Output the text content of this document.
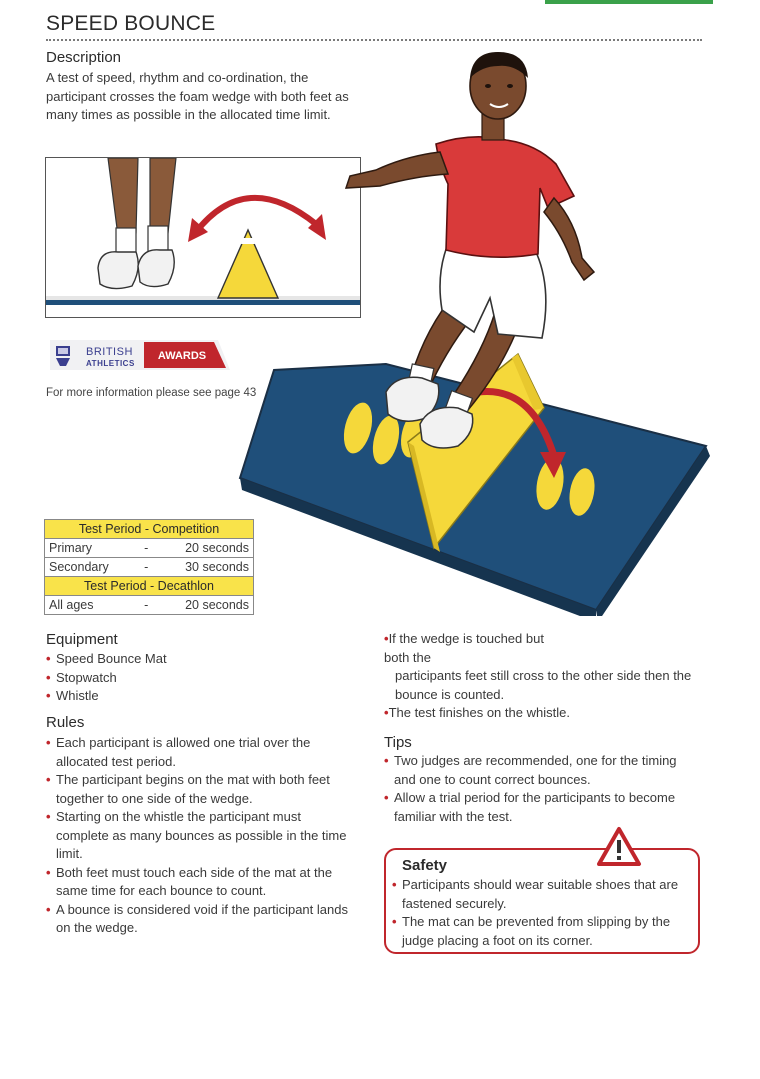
SPEED BOUNCE
Description
A test of speed, rhythm and co-ordination, the participant crosses the foam wedge with both feet as many times as possible in the allocated time limit.
BRITISH
ATHLETICS
AWARDS
For more information please see page 43
Test Period - Competition		
Primary	-	20 seconds
Secondary	-	30 seconds
Test Period - Decathlon		
All ages	-	20 seconds
Equipment
• Speed Bounce Mat
• Stopwatch
• Whistle
Rules
• Each participant is allowed one trial over the allocated test period.
• The participant begins on the mat with both feet together to one side of the wedge.
• Starting on the whistle the participant must complete as many bounces as possible in the time limit.
• Both feet must touch each side of the mat at the same time for each bounce to count.
• A bounce is considered void if the participant lands on the wedge.
•If the wedge is touched but
both the
participants feet still cross to the other side then the bounce is counted.
•The test finishes on the whistle.
Tips
• Two judges are recommended, one for the timing and one to count correct bounces.
• Allow a trial period for the participants to become familiar with the test.
Safety
• Participants should wear suitable shoes that are fastened securely.
• The mat can be prevented from slipping by the judge placing a foot on its corner.
